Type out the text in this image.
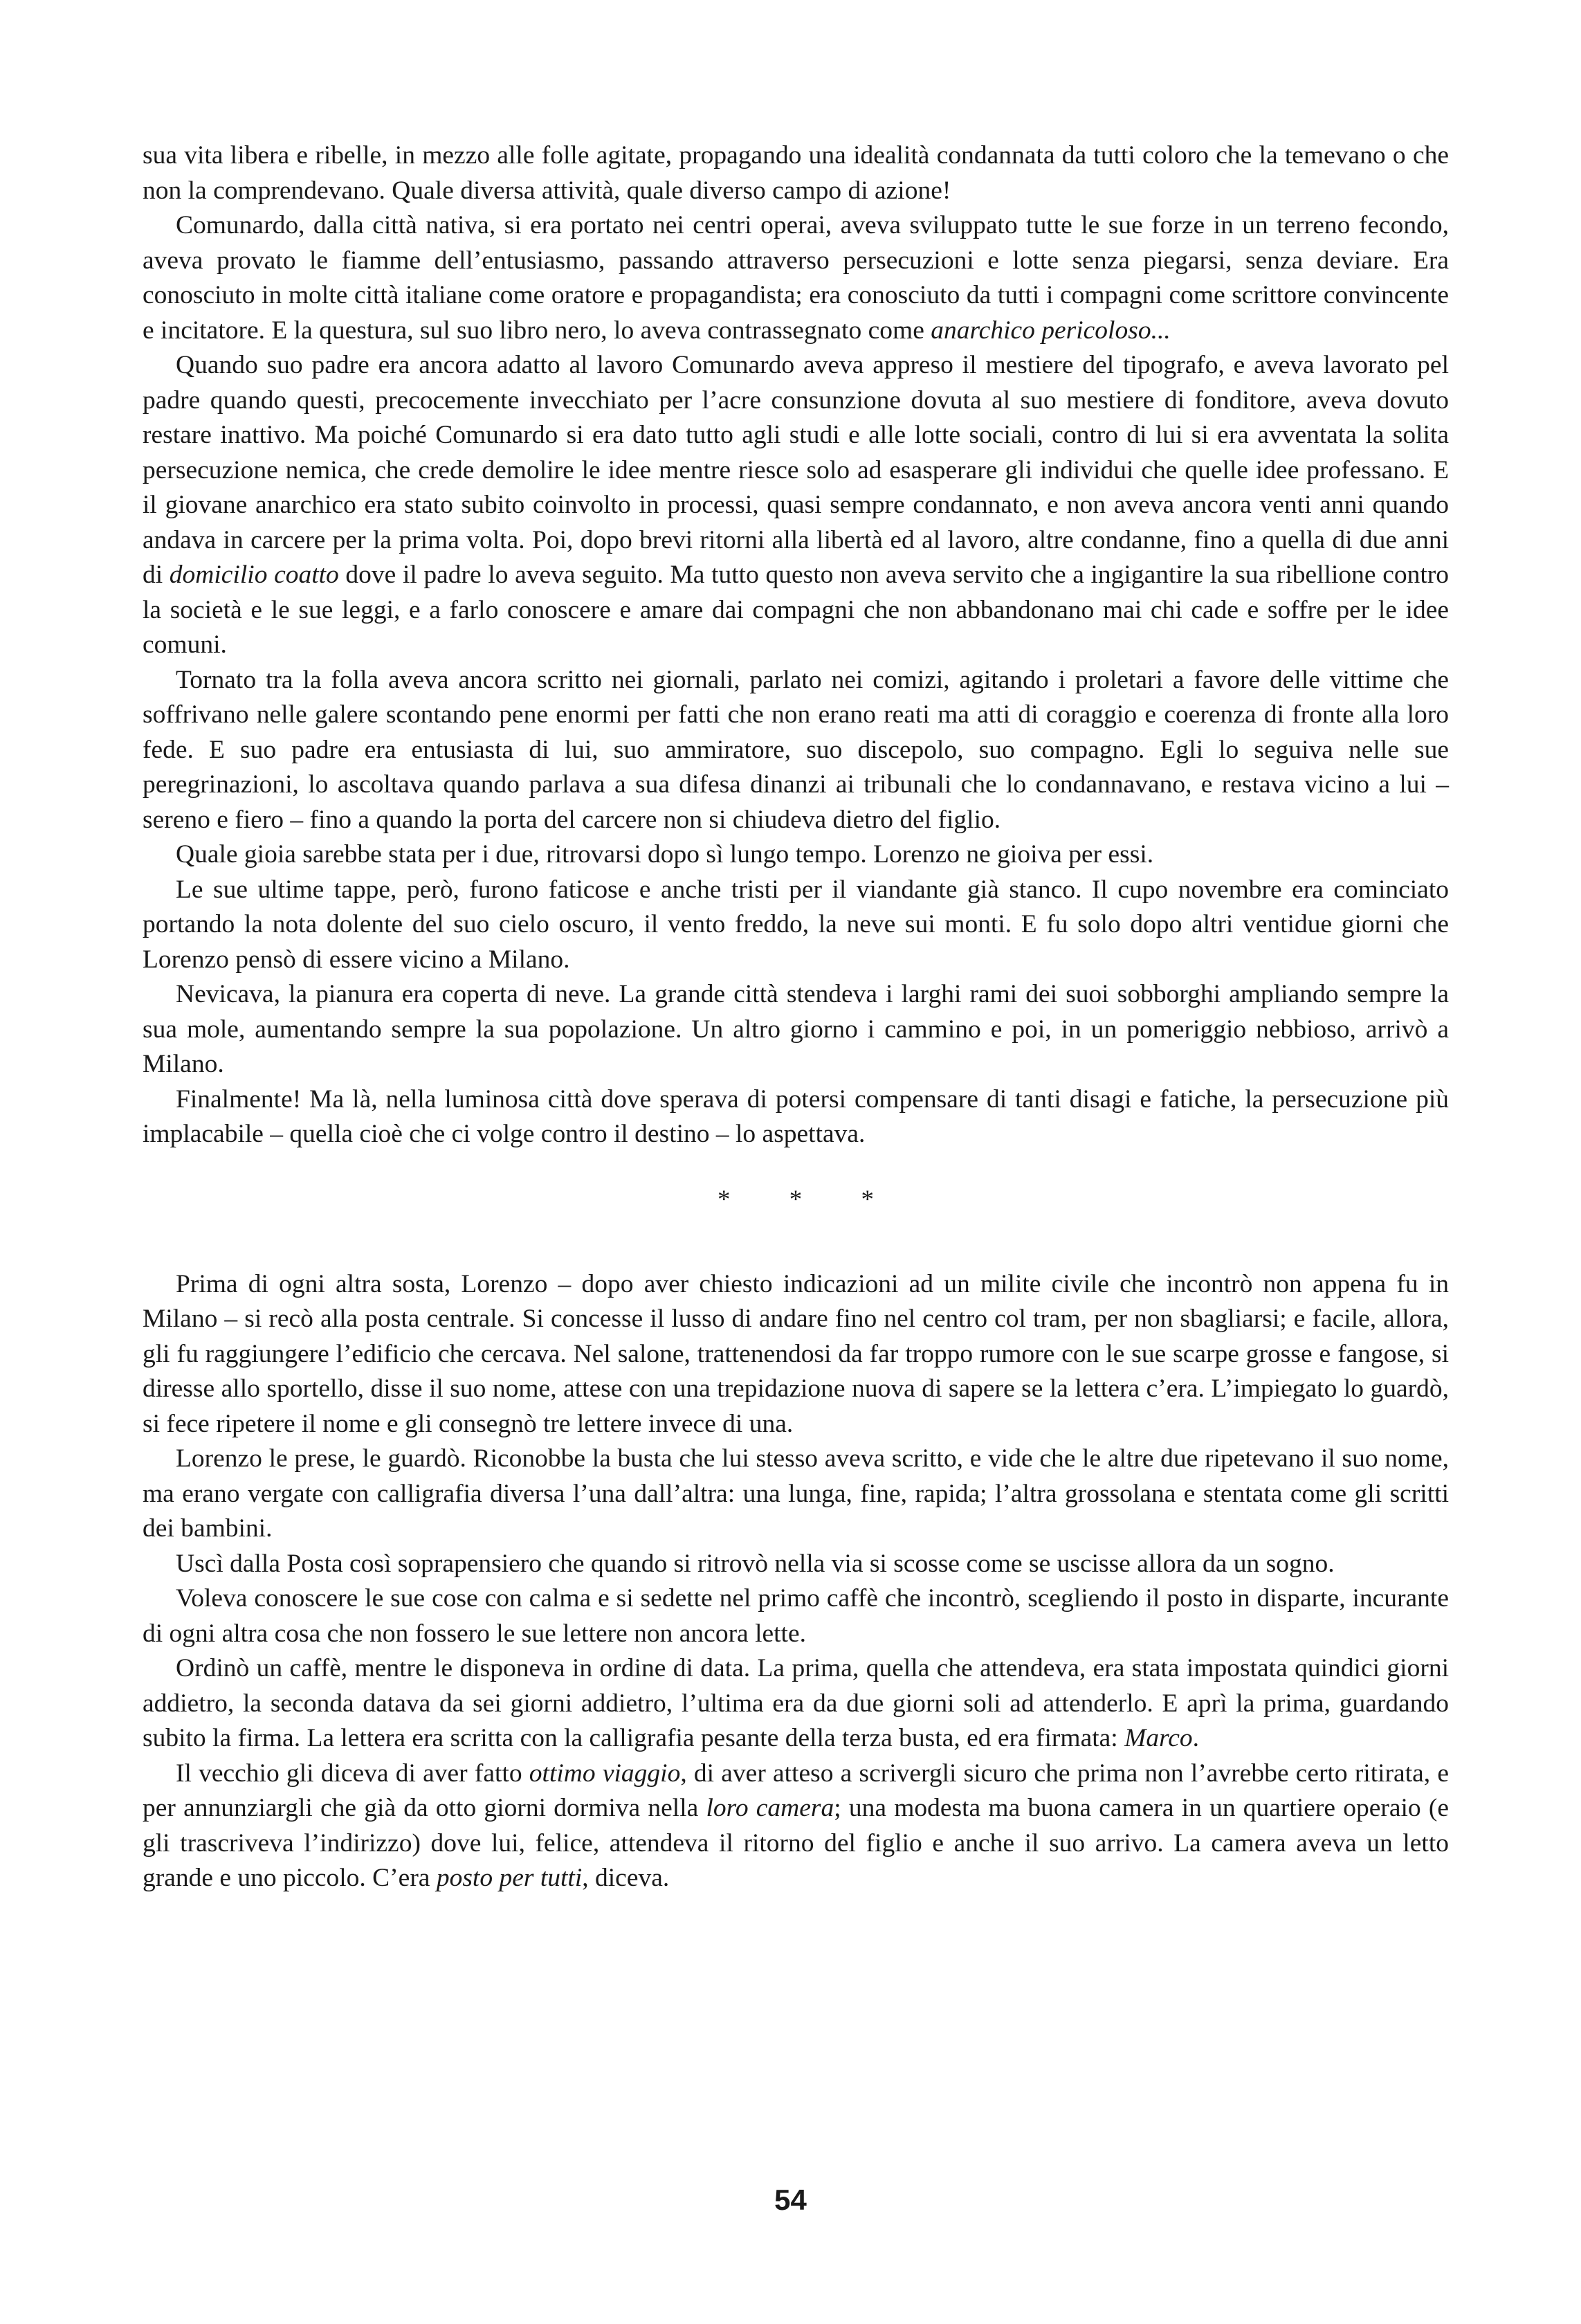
sua vita libera e ribelle, in mezzo alle folle agitate, propagando una idealità condannata da tutti coloro che la temevano o che non la comprendevano. Quale diversa attività, quale diverso campo di azione!

Comunardo, dalla città nativa, si era portato nei centri operai, aveva sviluppato tutte le sue forze in un terreno fecondo, aveva provato le fiamme dell’entusiasmo, passando attraverso persecuzioni e lotte senza piegarsi, senza deviare. Era conosciuto in molte città italiane come oratore e propagandista; era conosciuto da tutti i compagni come scrittore convincente e incitatore. E la questura, sul suo libro nero, lo aveva contrassegnato come anarchico pericoloso...

Quando suo padre era ancora adatto al lavoro Comunardo aveva appreso il mestiere del tipografo, e aveva lavorato pel padre quando questi, precocemente invecchiato per l’acre consunzione dovuta al suo mestiere di fonditore, aveva dovuto restare inattivo. Ma poiché Comunardo si era dato tutto agli studi e alle lotte sociali, contro di lui si era avventata la solita persecuzione nemica, che crede demolire le idee mentre riesce solo ad esasperare gli individui che quelle idee professano. E il giovane anarchico era stato subito coinvolto in processi, quasi sempre condannato, e non aveva ancora venti anni quando andava in carcere per la prima volta. Poi, dopo brevi ritorni alla libertà ed al lavoro, altre condanne, fino a quella di due anni di domicilio coatto dove il padre lo aveva seguito. Ma tutto questo non aveva servito che a ingigantire la sua ribellione contro la società e le sue leggi, e a farlo conoscere e amare dai compagni che non abbandonano mai chi cade e soffre per le idee comuni.

Tornato tra la folla aveva ancora scritto nei giornali, parlato nei comizi, agitando i proletari a favore delle vittime che soffrivano nelle galere scontando pene enormi per fatti che non erano reati ma atti di coraggio e coerenza di fronte alla loro fede. E suo padre era entusiasta di lui, suo ammiratore, suo discepolo, suo compagno. Egli lo seguiva nelle sue peregrinazioni, lo ascoltava quando parlava a sua difesa dinanzi ai tribunali che lo condannavano, e restava vicino a lui – sereno e fiero – fino a quando la porta del carcere non si chiudeva dietro del figlio.

Quale gioia sarebbe stata per i due, ritrovarsi dopo sì lungo tempo. Lorenzo ne gioiva per essi.

Le sue ultime tappe, però, furono faticose e anche tristi per il viandante già stanco. Il cupo novembre era cominciato portando la nota dolente del suo cielo oscuro, il vento freddo, la neve sui monti. E fu solo dopo altri ventidue giorni che Lorenzo pensò di essere vicino a Milano.

Nevicava, la pianura era coperta di neve. La grande città stendeva i larghi rami dei suoi sobborghi ampliando sempre la sua mole, aumentando sempre la sua popolazione. Un altro giorno i cammino e poi, in un pomeriggio nebbioso, arrivò a Milano.

Finalmente! Ma là, nella luminosa città dove sperava di potersi compensare di tanti disagi e fatiche, la persecuzione più implacabile – quella cioè che ci volge contro il destino – lo aspettava.

* * *

Prima di ogni altra sosta, Lorenzo – dopo aver chiesto indicazioni ad un milite civile che incontrò non appena fu in Milano – si recò alla posta centrale. Si concesse il lusso di andare fino nel centro col tram, per non sbagliarsi; e facile, allora, gli fu raggiungere l’edificio che cercava. Nel salone, trattenendosi da far troppo rumore con le sue scarpe grosse e fangose, si diresse allo sportello, disse il suo nome, attese con una trepidazione nuova di sapere se la lettera c’era. L’impiegato lo guardò, si fece ripetere il nome e gli consegnò tre lettere invece di una.

Lorenzo le prese, le guardò. Riconobbe la busta che lui stesso aveva scritto, e vide che le altre due ripetevano il suo nome, ma erano vergate con calligrafia diversa l’una dall’altra: una lunga, fine, rapida; l’altra grossolana e stentata come gli scritti dei bambini.

Uscì dalla Posta così soprapensiero che quando si ritrovò nella via si scosse come se uscisse allora da un sogno.

Voleva conoscere le sue cose con calma e si sedette nel primo caffè che incontrò, scegliendo il posto in disparte, incurante di ogni altra cosa che non fossero le sue lettere non ancora lette.

Ordinò un caffè, mentre le disponeva in ordine di data. La prima, quella che attendeva, era stata impostata quindici giorni addietro, la seconda datava da sei giorni addietro, l’ultima era da due giorni soli ad attenderlo. E aprì la prima, guardando subito la firma. La lettera era scritta con la calligrafia pesante della terza busta, ed era firmata: Marco.

Il vecchio gli diceva di aver fatto ottimo viaggio, di aver atteso a scrivergli sicuro che prima non l’avrebbe certo ritirata, e per annunziargli che già da otto giorni dormiva nella loro camera; una modesta ma buona camera in un quartiere operaio (e gli trascriveva l’indirizzo) dove lui, felice, attendeva il ritorno del figlio e anche il suo arrivo. La camera aveva un letto grande e uno piccolo. C’era posto per tutti, diceva.

54
